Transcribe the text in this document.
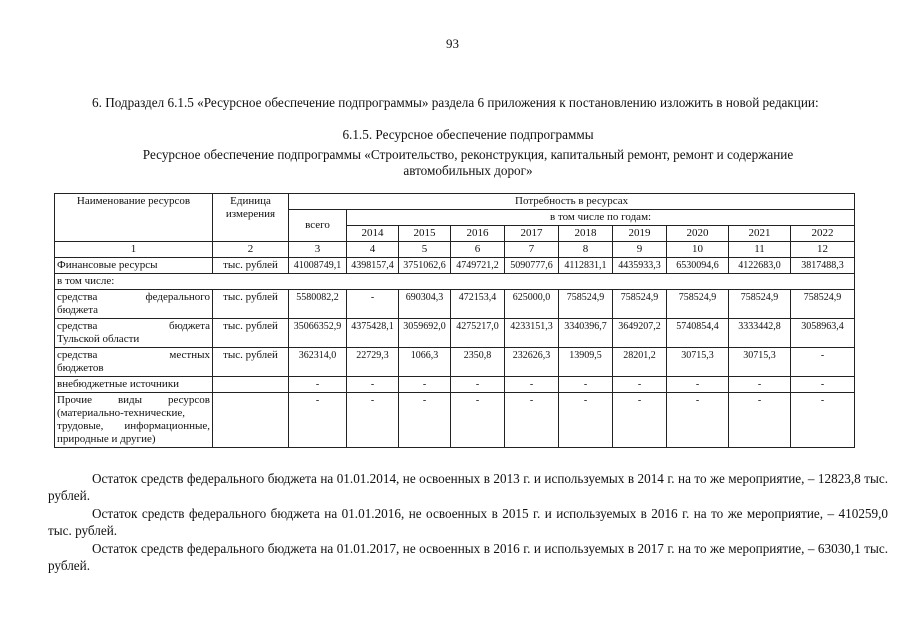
93
6. Подраздел 6.1.5 «Ресурсное обеспечение подпрограммы» раздела 6 приложения к постановлению изложить в новой редакции:
6.1.5. Ресурсное обеспечение подпрограммы
Ресурсное обеспечение подпрограммы «Строительство, реконструкция, капитальный ремонт, ремонт и содержание
автомобильных дорог»
Наименование ресурсов	Единица измерения	Потребность в ресурсах									
		всего	в том числе по годам:								
			2014	2015	2016	2017	2018	2019	2020	2021	2022
1	2	3	4	5	6	7	8	9	10	11	12
Финансовые ресурсы	тыс. рублей	41008749,1	4398157,4	3751062,6	4749721,2	5090777,6	4112831,1	4435933,3	6530094,6	4122683,0	3817488,3
в том числе:											

средства федерального
бюджета	тыс. рублей	5580082,2	-	690304,3	472153,4	625000,0	758524,9	758524,9	758524,9	758524,9	758524,9

средства бюджета
Тульской области	тыс. рублей	35066352,9	4375428,1	3059692,0	4275217,0	4233151,3	3340396,7	3649207,2	5740854,4	3333442,8	3058963,4

средства местных
бюджетов	тыс. рублей	362314,0	22729,3	1066,3	2350,8	232626,3	13909,5	28201,2	30715,3	30715,3	-
внебюджетные источники		-	-	-	-	-	-	-	-	-	-

Прочие виды ресурсов
(материально-технические, трудовые, информационные, природные и другие)		-	-	-	-	-	-	-	-	-	-
Остаток средств федерального бюджета на 01.01.2014, не освоенных в 2013 г. и используемых в 2014 г. на то же мероприятие, – 12823,8 тыс. рублей.
Остаток средств федерального бюджета на 01.01.2016, не освоенных в 2015 г. и используемых в 2016 г. на то же мероприятие, – 410259,0 тыс. рублей.
Остаток средств федерального бюджета на 01.01.2017, не освоенных в 2016 г. и используемых в 2017 г. на то же мероприятие, – 63030,1 тыс. рублей.
